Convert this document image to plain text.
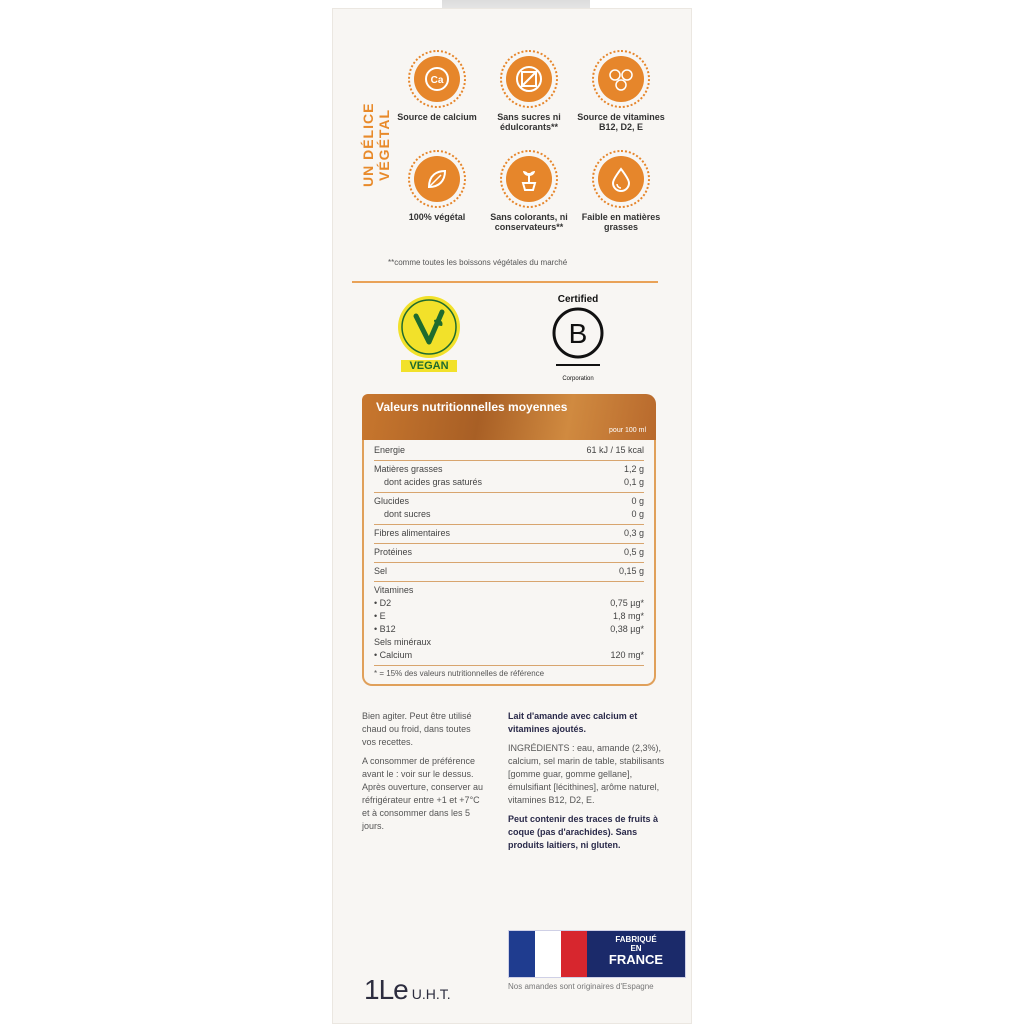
UN DÉLICE VÉGÉTAL
Ca
Source de calcium	Sans sucres ni édulcorants**
Source de vitamines B12, D2, E
100% végétal	Sans colorants, ni conservateurs**
Faible en matières grasses
**comme toutes les boissons végétales du marché
VEGAN
Certified
B
Corporation
Valeurs nutritionnelles moyennes
pour 100 ml
Energie	61 kJ / 15 kcal
Matières grasses	1,2 g
dont acides gras saturés	0,1 g
Glucides	0 g
dont sucres	0 g
Fibres alimentaires	0,3 g
Protéines	0,5 g
Sel	0,15 g
Vitamines
• D2	0,75 µg*
• E	1,8 mg*
• B12	0,38 µg*
Sels minéraux
• Calcium	120 mg*
* = 15% des valeurs nutritionnelles de référence

Bien agiter. Peut être utilisé chaud ou froid, dans toutes vos recettes.

A consommer de préférence avant le : voir sur le dessus. Après ouverture, conserver au réfrigérateur entre +1 et +7°C et à consommer dans les 5 jours.

Lait d'amande avec calcium et vitamines ajoutés.

INGRÉDIENTS : eau, amande (2,3%), calcium, sel marin de table, stabilisants [gomme guar, gomme gellane], émulsifiant [lécithines], arôme naturel, vitamines B12, D2, E.

Peut contenir des traces de fruits à coque (pas d'arachides). Sans produits laitiers, ni gluten.

FABRIQUÉ
EN
FRANCE
Nos amandes sont originaires d'Espagne
1Le U.H.T.
